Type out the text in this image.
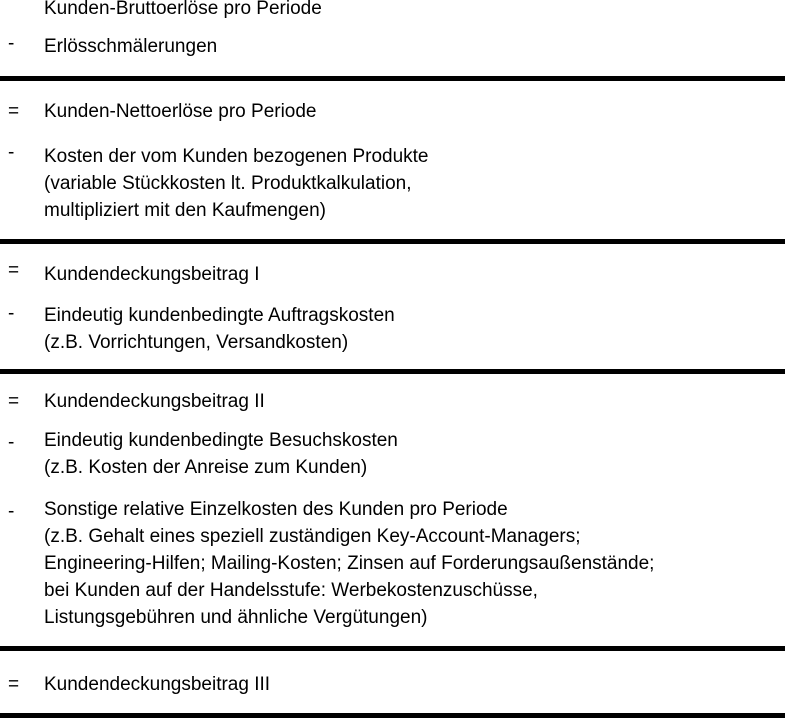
Kunden-Bruttoerlöse pro Periode
-	Erlösschmälerungen
=	Kunden-Nettoerlöse pro Periode
-	Kosten der vom Kunden bezogenen Produkte
(variable Stückkosten lt. Produktkalkulation,
multipliziert mit den Kaufmengen)
=	Kundendeckungsbeitrag I
-	Eindeutig kundenbedingte Auftragskosten
(z.B. Vorrichtungen, Versandkosten)
=	Kundendeckungsbeitrag II
-	Eindeutig kundenbedingte Besuchskosten
(z.B. Kosten der Anreise zum Kunden)
-	Sonstige relative Einzelkosten des Kunden pro Periode
(z.B. Gehalt eines speziell zuständigen Key-Account-Managers;
Engineering-Hilfen; Mailing-Kosten; Zinsen auf Forderungsaußenstände;
bei Kunden auf der Handelsstufe: Werbekostenzuschüsse,
Listungsgebühren und ähnliche Vergütungen)
=	Kundendeckungsbeitrag III
